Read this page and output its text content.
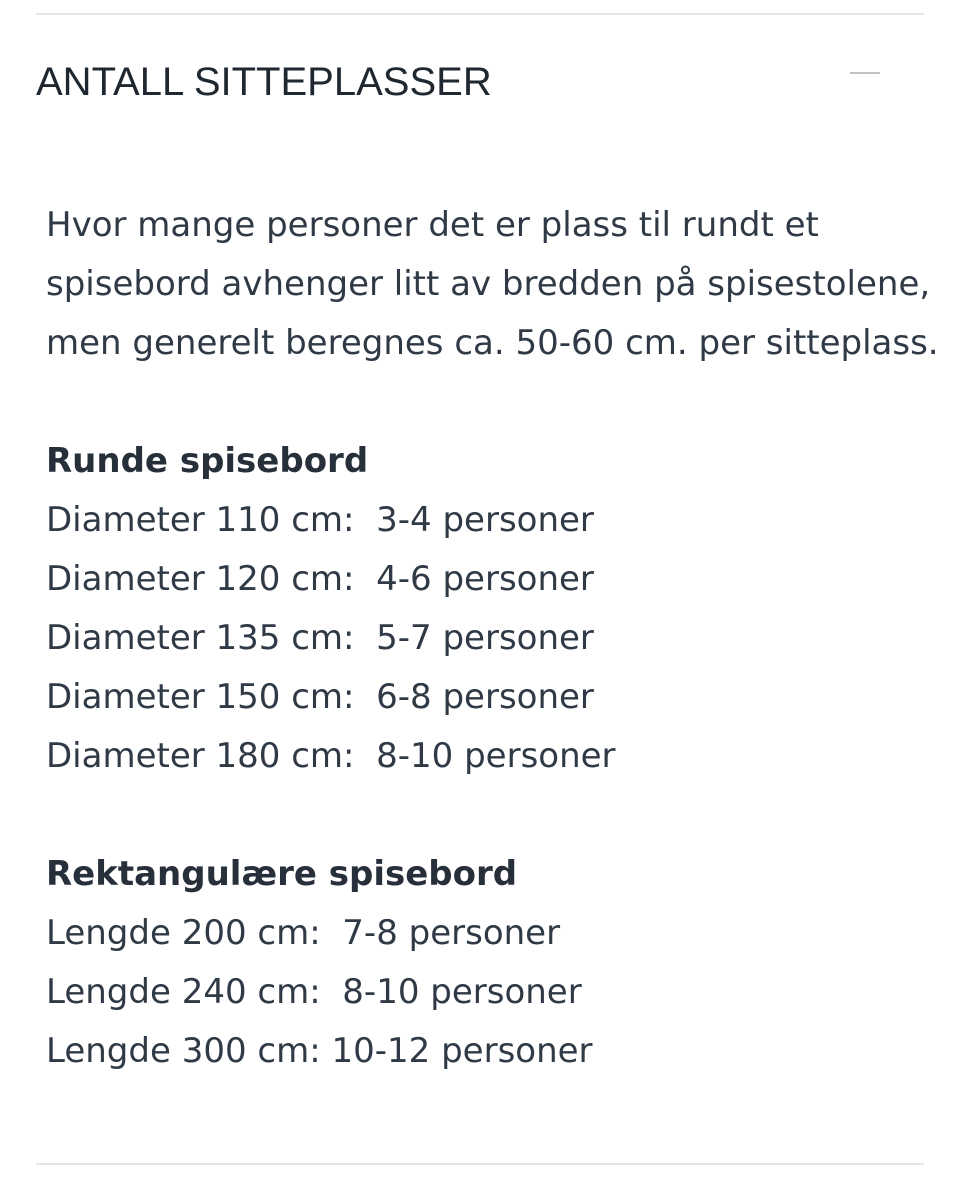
ANTALL SITTEPLASSER

Hvor mange personer det er plass til rundt et

spisebord avhenger litt av bredden på spisestolene,

men generelt beregnes ca. 50-60 cm. per sitteplass.

Runde spisebord
Diameter 110 cm:  3-4 personer
Diameter 120 cm:  4-6 personer
Diameter 135 cm:  5-7 personer
Diameter 150 cm:  6-8 personer
Diameter 180 cm:  8-10 personer
Rektangulære spisebord
Lengde 200 cm:  7-8 personer
Lengde 240 cm:  8-10 personer
Lengde 300 cm: 10-12 personer
